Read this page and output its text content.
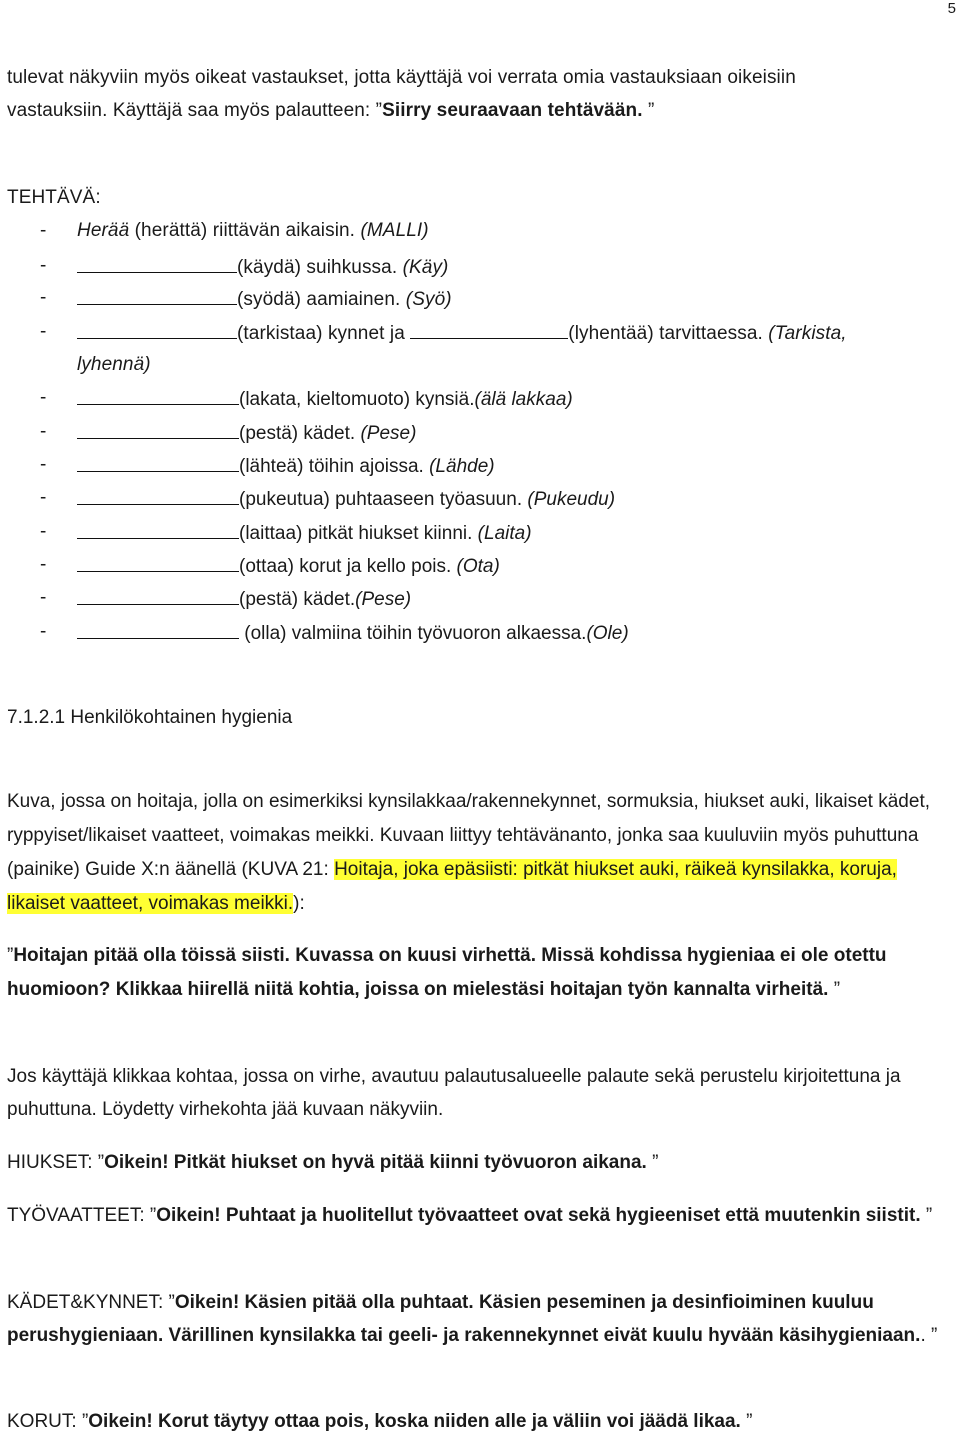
5
tulevat näkyviin myös oikeat vastaukset, jotta käyttäjä voi verrata omia vastauksiaan oikeisiin
vastauksiin. Käyttäjä saa myös palautteen: ”Siirry seuraavaan tehtävään. ”
TEHTÄVÄ:
- Herää (herättä) riittävän aikaisin. (MALLI)
-	(käydä) suihkussa. (Käy)
-	(syödä) aamiainen. (Syö)
-	(tarkistaa) kynnet ja	(lyhentää) tarvittaessa. (Tarkista,
lyhennä)
-	(lakata, kieltomuoto) kynsiä.(älä lakkaa)
-	(pestä) kädet. (Pese)
-	(lähteä) töihin ajoissa. (Lähde)
-	(pukeutua) puhtaaseen työasuun. (Pukeudu)
-	(laittaa) pitkät hiukset kiinni. (Laita)
-	(ottaa) korut ja kello pois. (Ota)
-	(pestä) kädet.(Pese)
-	(olla) valmiina töihin työvuoron alkaessa.(Ole)
7.1.2.1 Henkilökohtainen hygienia
Kuva, jossa on hoitaja, jolla on esimerkiksi kynsilakkaa/rakennekynnet, sormuksia, hiukset auki, likaiset kädet, ryppyiset/likaiset vaatteet, voimakas meikki. Kuvaan liittyy tehtävänanto, jonka saa kuuluviin myös puhuttuna (painike) Guide X:n äänellä (KUVA 21: Hoitaja, joka epäsiisti: pitkät hiukset auki, räikeä kynsilakka, koruja, likaiset vaatteet, voimakas meikki.):
”Hoitajan pitää olla töissä siisti. Kuvassa on kuusi virhettä. Missä kohdissa hygieniaa ei ole otettu huomioon? Klikkaa hiirellä niitä kohtia, joissa on mielestäsi hoitajan työn kannalta virheitä. ”
Jos käyttäjä klikkaa kohtaa, jossa on virhe, avautuu palautusalueelle palaute sekä perustelu kirjoitettuna ja puhuttuna. Löydetty virhekohta jää kuvaan näkyviin.
HIUKSET: ”Oikein! Pitkät hiukset on hyvä pitää kiinni työvuoron aikana. ”
TYÖVAATTEET: ”Oikein! Puhtaat ja huolitellut työvaatteet ovat sekä hygieeniset että muutenkin siistit. ”
KÄDET&KYNNET: ”Oikein! Käsien pitää olla puhtaat. Käsien peseminen ja desinfioiminen kuuluu perushygieniaan. Värillinen kynsilakka tai geeli- ja rakennekynnet eivät kuulu hyvään käsihygieniaan.. ”
KORUT: ”Oikein! Korut täytyy ottaa pois, koska niiden alle ja väliin voi jäädä likaa. ”
